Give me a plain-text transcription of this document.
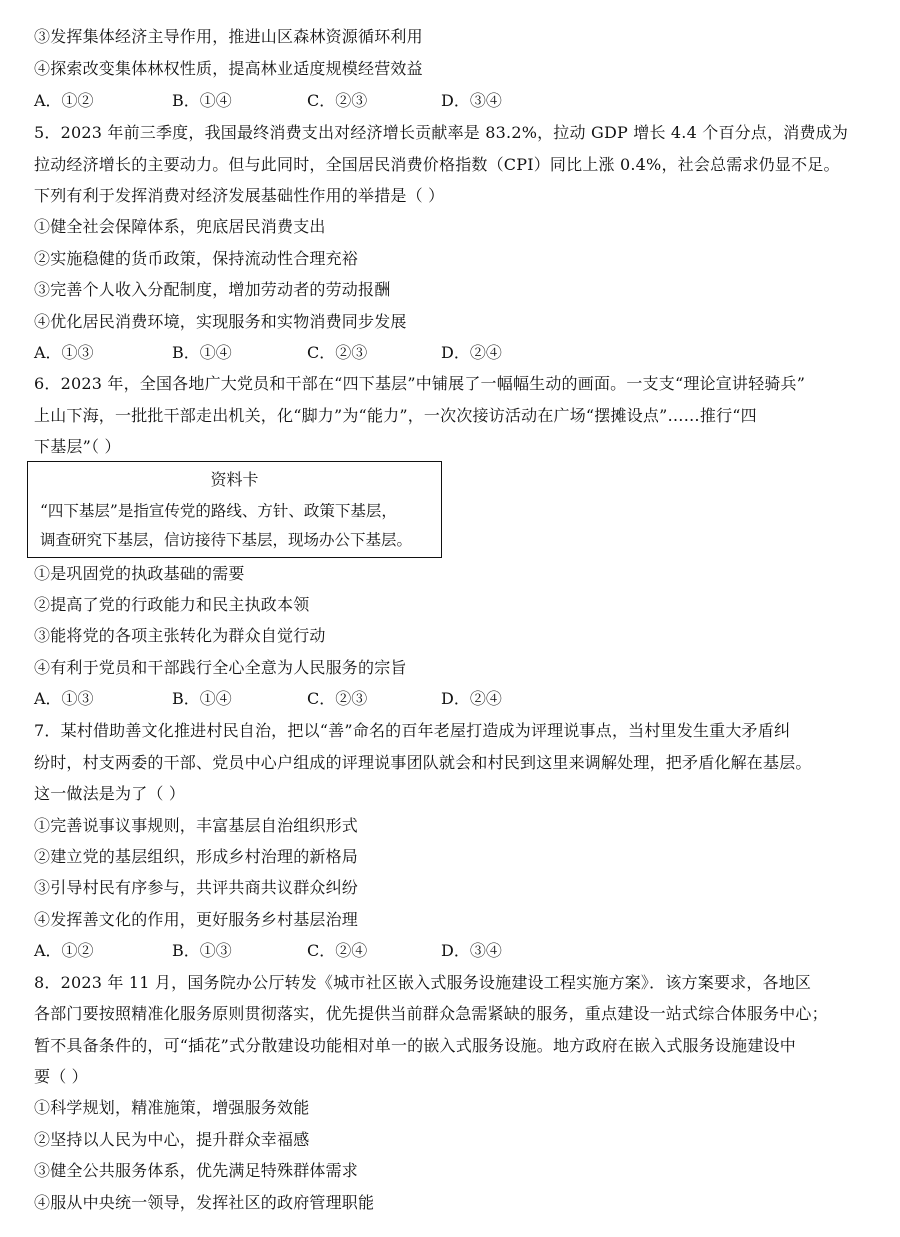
③发挥集体经济主导作用，推进山区森林资源循环利用
④探索改变集体林权性质，提高林业适度规模经营效益
A．①②	B．①④	C．②③	D．③④
5．2023 年前三季度，我国最终消费支出对经济增长贡献率是 83.2%，拉动 GDP 增长 4.4 个百分点，消费成为
拉动经济增长的主要动力。但与此同时，全国居民消费价格指数（CPI）同比上涨 0.4%，社会总需求仍显不足。
下列有利于发挥消费对经济发展基础性作用的举措是（ ）
①健全社会保障体系，兜底居民消费支出
②实施稳健的货币政策，保持流动性合理充裕
③完善个人收入分配制度，增加劳动者的劳动报酬
④优化居民消费环境，实现服务和实物消费同步发展
A．①③	B．①④	C．②③	D．②④
6．2023 年，全国各地广大党员和干部在“四下基层”中铺展了一幅幅生动的画面。一支支“理论宣讲轻骑兵”
上山下海，一批批干部走出机关，化“脚力”为“能力”，一次次接访活动在广场“摆摊设点”……推行“四
下基层”（ ）
资料卡
“四下基层”是指宣传党的路线、方针、政策下基层，
调查研究下基层，信访接待下基层，现场办公下基层。
①是巩固党的执政基础的需要
②提高了党的行政能力和民主执政本领
③能将党的各项主张转化为群众自觉行动
④有利于党员和干部践行全心全意为人民服务的宗旨
A．①③	B．①④	C．②③	D．②④
7．某村借助善文化推进村民自治，把以“善”命名的百年老屋打造成为评理说事点，当村里发生重大矛盾纠
纷时，村支两委的干部、党员中心户组成的评理说事团队就会和村民到这里来调解处理，把矛盾化解在基层。
这一做法是为了（ ）
①完善说事议事规则，丰富基层自治组织形式
②建立党的基层组织，形成乡村治理的新格局
③引导村民有序参与，共评共商共议群众纠纷
④发挥善文化的作用，更好服务乡村基层治理
A．①②	B．①③	C．②④	D．③④
8．2023 年 11 月，国务院办公厅转发《城市社区嵌入式服务设施建设工程实施方案》．该方案要求，各地区
各部门要按照精准化服务原则贯彻落实，优先提供当前群众急需紧缺的服务，重点建设一站式综合体服务中心；
暂不具备条件的，可“插花”式分散建设功能相对单一的嵌入式服务设施。地方政府在嵌入式服务设施建设中
要（ ）
①科学规划，精准施策，增强服务效能
②坚持以人民为中心，提升群众幸福感
③健全公共服务体系，优先满足特殊群体需求
④服从中央统一领导，发挥社区的政府管理职能
